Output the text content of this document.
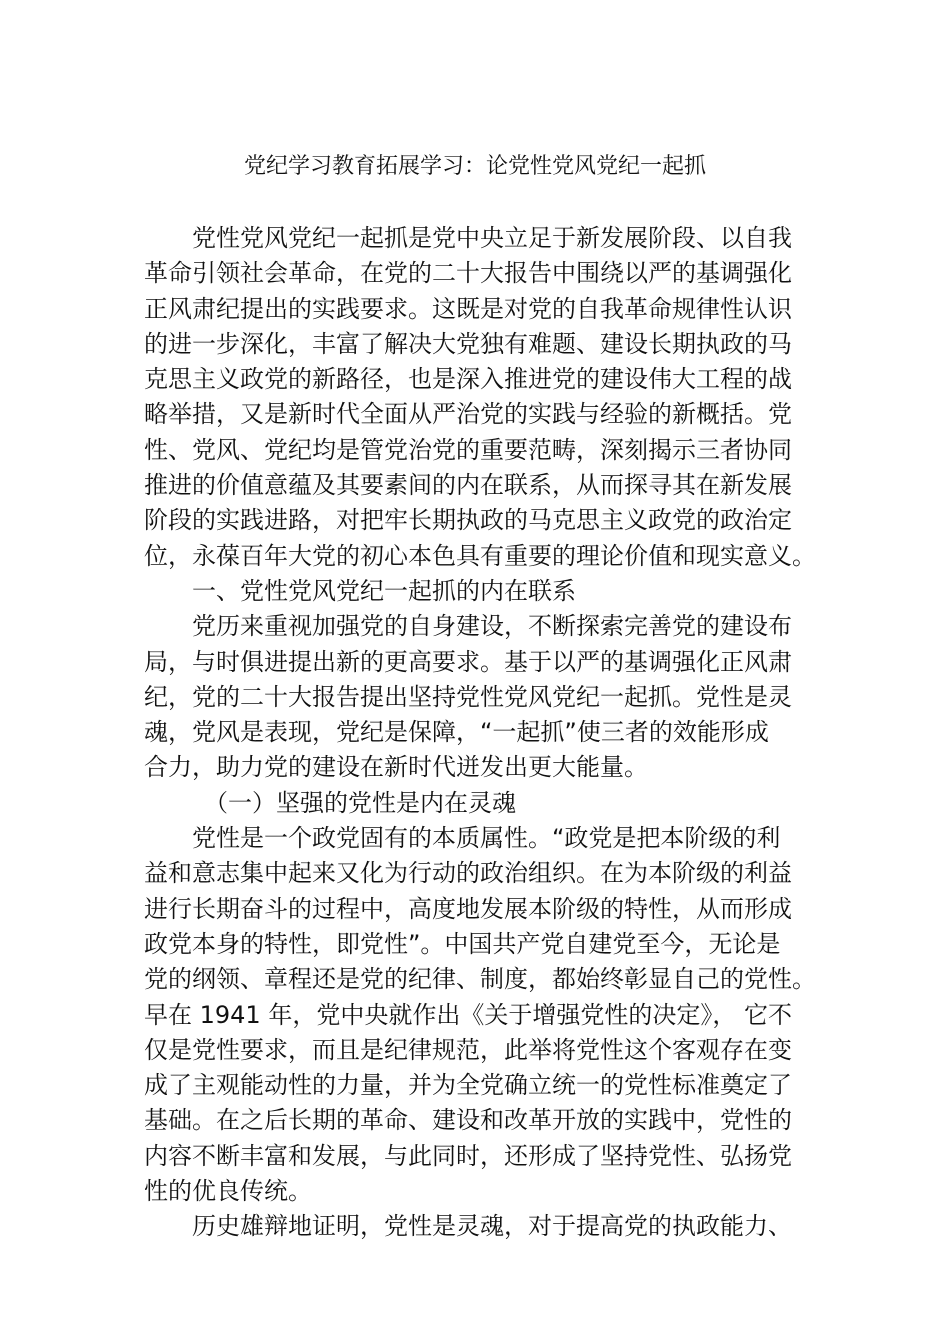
党纪学习教育拓展学习：论党性党风党纪一起抓
党性党风党纪一起抓是党中央立足于新发展阶段、以自我
革命引领社会革命，在党的二十大报告中围绕以严的基调强化
正风肃纪提出的实践要求。这既是对党的自我革命规律性认识
的进一步深化，丰富了解决大党独有难题、建设长期执政的马
克思主义政党的新路径，也是深入推进党的建设伟大工程的战
略举措，又是新时代全面从严治党的实践与经验的新概括。党
性、党风、党纪均是管党治党的重要范畴，深刻揭示三者协同
推进的价值意蕴及其要素间的内在联系，从而探寻其在新发展
阶段的实践进路，对把牢长期执政的马克思主义政党的政治定
位，永葆百年大党的初心本色具有重要的理论价值和现实意义。
一、党性党风党纪一起抓的内在联系
党历来重视加强党的自身建设，不断探索完善党的建设布
局，与时俱进提出新的更高要求。基于以严的基调强化正风肃
纪，党的二十大报告提出坚持党性党风党纪一起抓。党性是灵
魂，党风是表现，党纪是保障，“一起抓”使三者的效能形成
合力，助力党的建设在新时代迸发出更大能量。
（一）坚强的党性是内在灵魂
党性是一个政党固有的本质属性。“政党是把本阶级的利
益和意志集中起来又化为行动的政治组织。在为本阶级的利益
进行长期奋斗的过程中，高度地发展本阶级的特性，从而形成
政党本身的特性，即党性”。中国共产党自建党至今，无论是
党的纲领、章程还是党的纪律、制度，都始终彰显自己的党性。
早在 1941 年，党中央就作出《关于增强党性的决定》， 它不
仅是党性要求，而且是纪律规范，此举将党性这个客观存在变
成了主观能动性的力量，并为全党确立统一的党性标准奠定了
基础。在之后长期的革命、建设和改革开放的实践中，党性的
内容不断丰富和发展，与此同时，还形成了坚持党性、弘扬党
性的优良传统。
历史雄辩地证明，党性是灵魂，对于提高党的执政能力、
